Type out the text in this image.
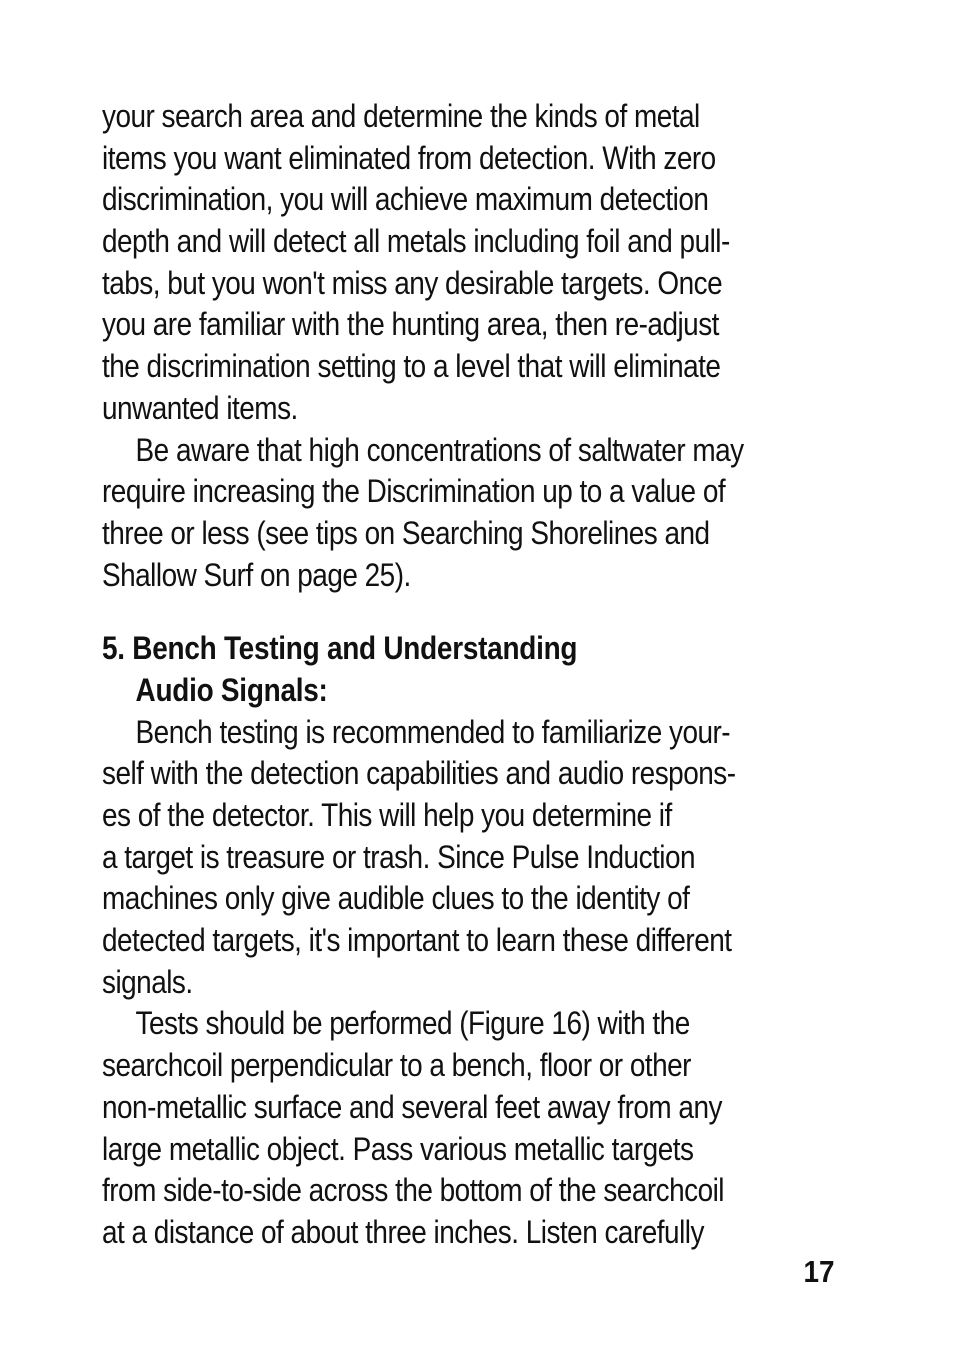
your search area and determine the kinds of metal
items you want eliminated from detection. With zero
discrimination, you will achieve maximum detection
depth and will detect all metals including foil and pull-
tabs, but you won't miss any desirable targets. Once
you are familiar with the hunting area, then re-adjust
the discrimination setting to a level that will eliminate
unwanted items.
Be aware that high concentrations of saltwater may
require increasing the Discrimination up to a value of
three or less (see tips on Searching Shorelines and
Shallow Surf on page 25).
5. Bench Testing and Understanding
Audio Signals:
Bench testing is recommended to familiarize your-
self with the detection capabilities and audio respons-
es of the detector. This will help you determine if
a target is treasure or trash. Since Pulse Induction
machines only give audible clues to the identity of
detected targets, it's important to learn these different
signals.
Tests should be performed (Figure 16) with the
searchcoil perpendicular to a bench, floor or other
non-metallic surface and several feet away from any
large metallic object. Pass various metallic targets
from side-to-side across the bottom of the searchcoil
at a distance of about three inches. Listen carefully
17
